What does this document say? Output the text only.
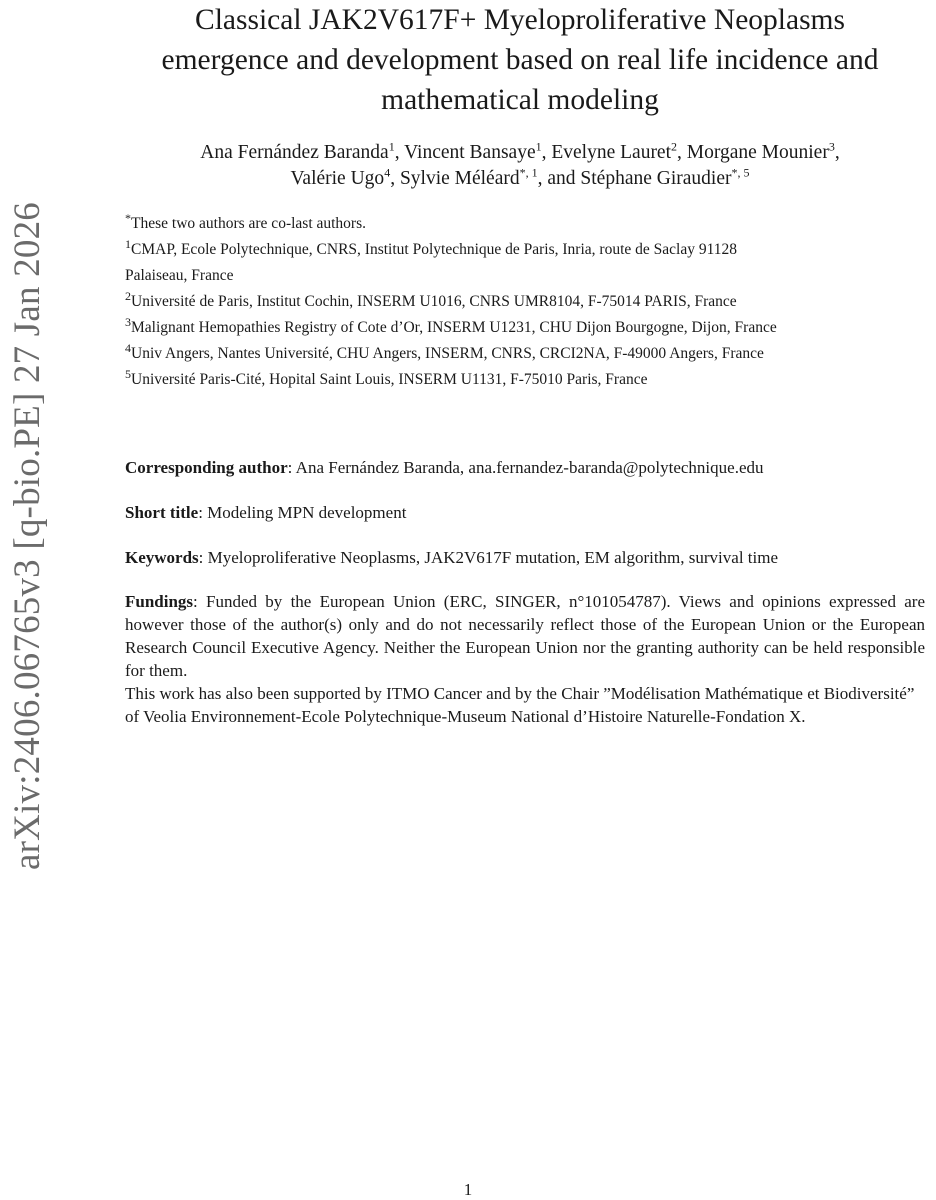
arXiv:2406.06765v3 [q-bio.PE] 27 Jan 2026
Classical JAK2V617F+ Myeloproliferative Neoplasms
emergence and development based on real life incidence and
mathematical modeling
Ana Fernández Baranda$^1$, Vincent Bansaye$^1$, Evelyne Lauret$^2$, Morgane Mounier$^3$,
Valérie Ugo$^4$, Sylvie Méléard$^{*, 1}$, and Stéphane Giraudier$^{*, 5}$
*These two authors are co-last authors.
$^1$CMAP, Ecole Polytechnique, CNRS, Institut Polytechnique de Paris, Inria, route de Saclay 91128
Palaiseau, France
$^2$Université de Paris, Institut Cochin, INSERM U1016, CNRS UMR8104, F-75014 PARIS, France
$^3$Malignant Hemopathies Registry of Cote d’Or, INSERM U1231, CHU Dijon Bourgogne, Dijon, France
$^4$Univ Angers, Nantes Université, CHU Angers, INSERM, CNRS, CRCI2NA, F-49000 Angers, France
$^5$Université Paris-Cité, Hopital Saint Louis, INSERM U1131, F-75010 Paris, France
Corresponding author: Ana Fernández Baranda, ana.fernandez-baranda@polytechnique.edu
Short title: Modeling MPN development
Keywords: Myeloproliferative Neoplasms, JAK2V617F mutation, EM algorithm, survival time
Fundings: Funded by the European Union (ERC, SINGER, n°101054787). Views and opinions expressed are however those of the author(s) only and do not necessarily reflect those of the European Union or the European Research Council Executive Agency. Neither the European Union nor the granting authority can be held responsible for them.
This work has also been supported by ITMO Cancer and by the Chair ”Modélisation Mathématique et Biodiversité” of Veolia Environnement-Ecole Polytechnique-Museum National d’Histoire Naturelle-Fondation X.
1
